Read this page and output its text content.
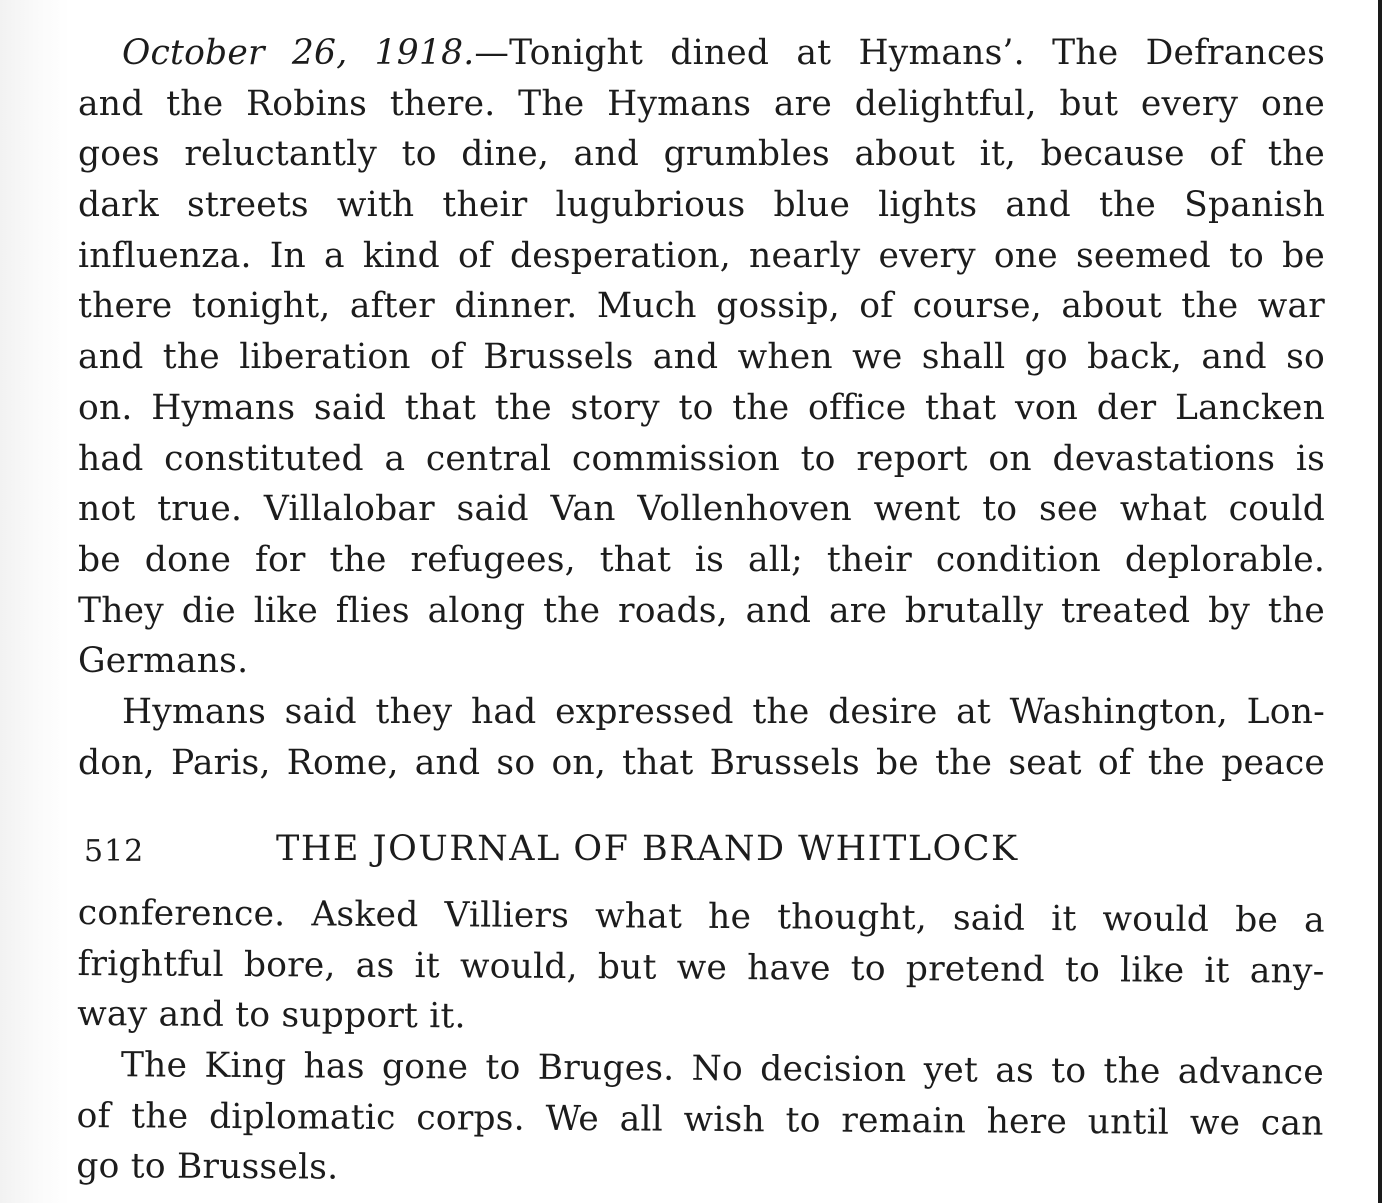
October 26, 1918.—Tonight dined at Hymans’. The Defrances
and the Robins there. The Hymans are delightful, but every one
goes reluctantly to dine, and grumbles about it, because of the
dark streets with their lugubrious blue lights and the Spanish
influenza. In a kind of desperation, nearly every one seemed to be
there tonight, after dinner. Much gossip, of course, about the war
and the liberation of Brussels and when we shall go back, and so
on. Hymans said that the story to the office that von der Lancken
had constituted a central commission to report on devastations is
not true. Villalobar said Van Vollenhoven went to see what could
be done for the refugees, that is all; their condition deplorable.
They die like flies along the roads, and are brutally treated by the
Germans.
Hymans said they had expressed the desire at Washington, Lon-
don, Paris, Rome, and so on, that Brussels be the seat of the peace
512	THE JOURNAL OF BRAND WHITLOCK
conference. Asked Villiers what he thought, said it would be a
frightful bore, as it would, but we have to pretend to like it any-
way and to support it.
The King has gone to Bruges. No decision yet as to the advance
of the diplomatic corps. We all wish to remain here until we can
go to Brussels.
